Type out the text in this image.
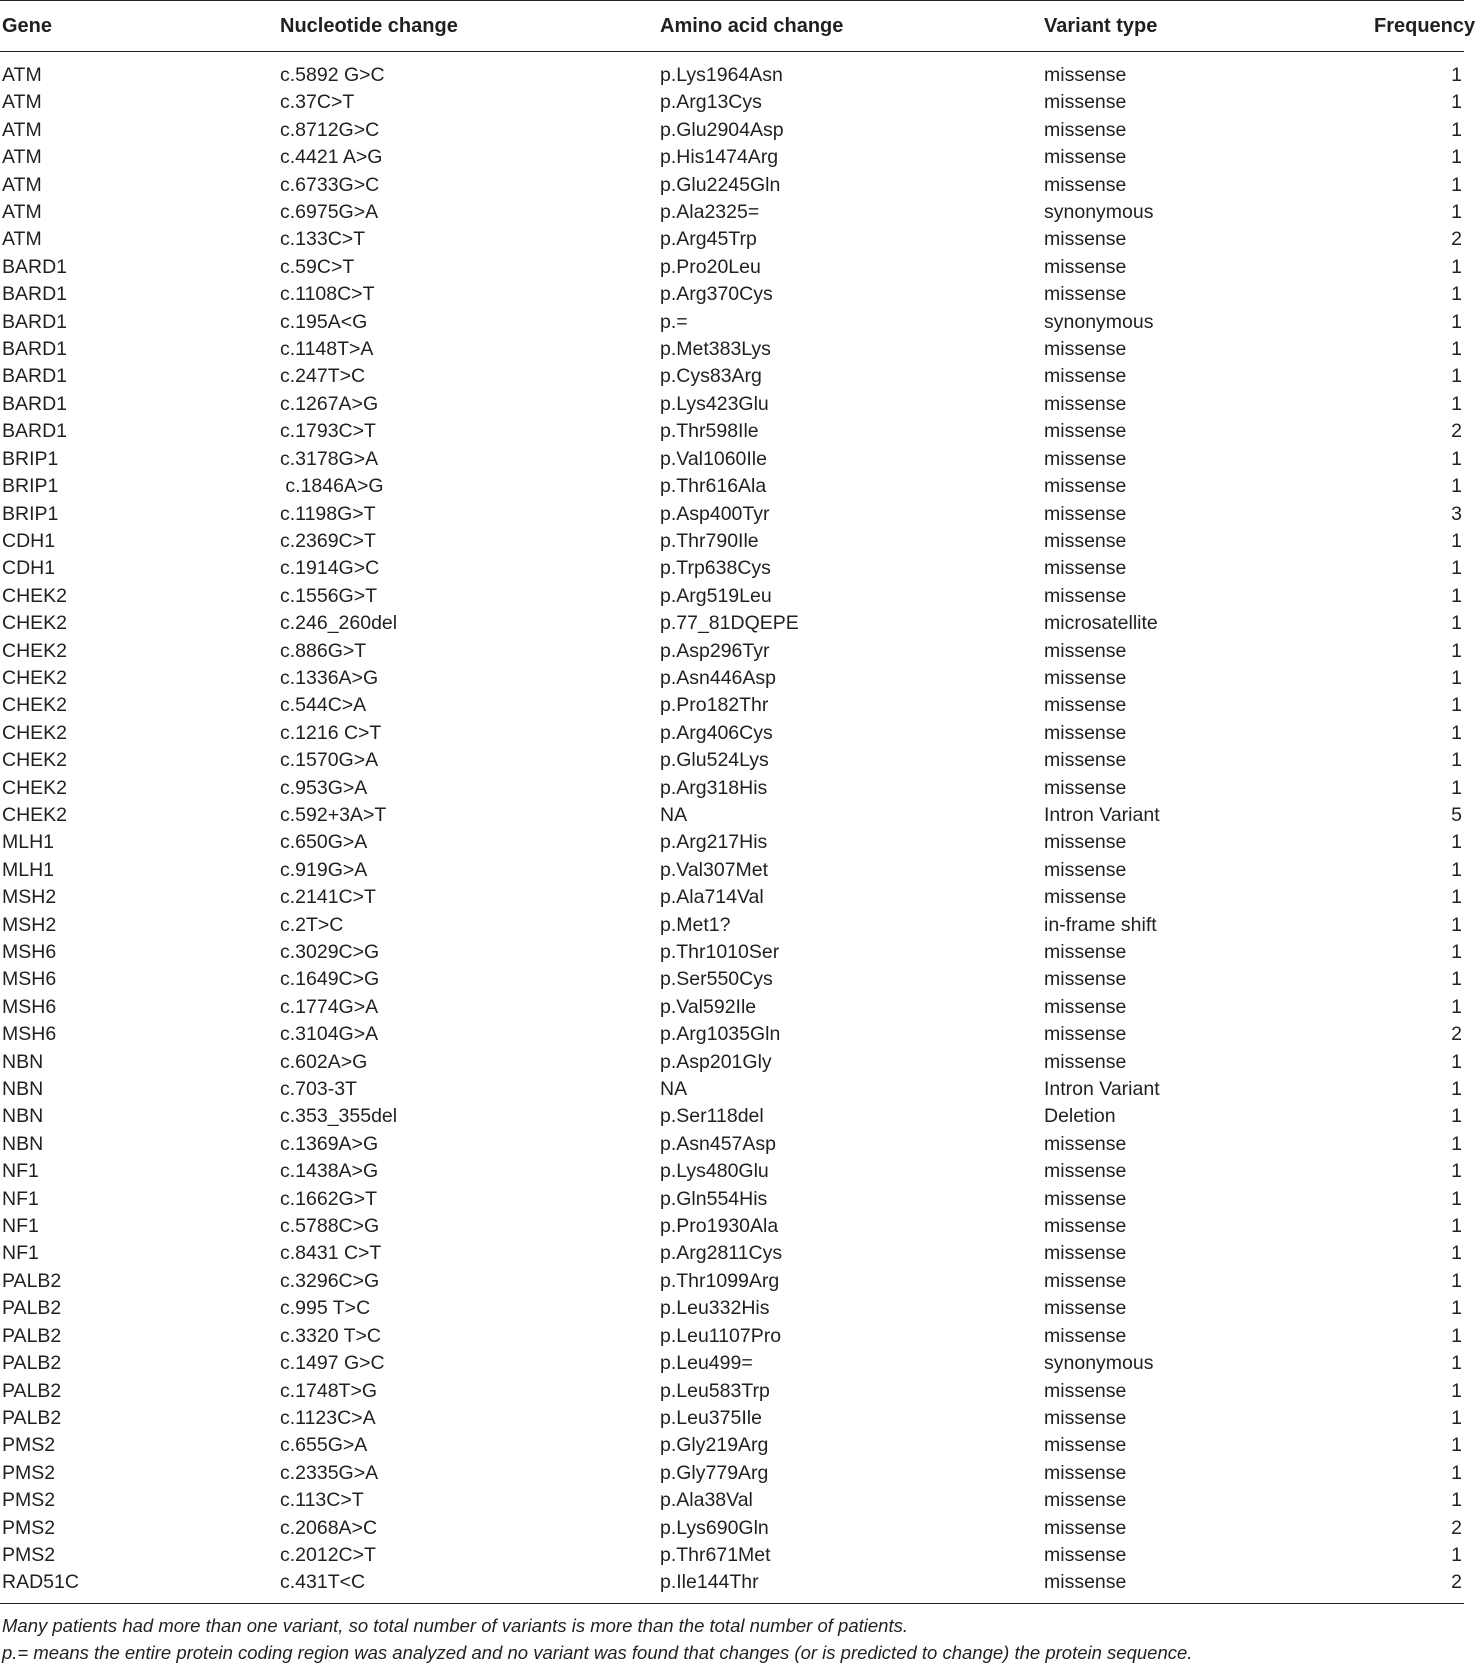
Gene	Nucleotide change	Amino acid change	Variant type	Frequency
ATM	c.5892 G>C	p.Lys1964Asn	missense	1
ATM	c.37C>T	p.Arg13Cys	missense	1
ATM	c.8712G>C	p.Glu2904Asp	missense	1
ATM	c.4421 A>G	p.His1474Arg	missense	1
ATM	c.6733G>C	p.Glu2245Gln	missense	1
ATM	c.6975G>A	p.Ala2325=	synonymous	1
ATM	c.133C>T	p.Arg45Trp	missense	2
BARD1	c.59C>T	p.Pro20Leu	missense	1
BARD1	c.1108C>T	p.Arg370Cys	missense	1
BARD1	c.195A<G	p.=	synonymous	1
BARD1	c.1148T>A	p.Met383Lys	missense	1
BARD1	c.247T>C	p.Cys83Arg	missense	1
BARD1	c.1267A>G	p.Lys423Glu	missense	1
BARD1	c.1793C>T	p.Thr598Ile	missense	2
BRIP1	c.3178G>A	p.Val1060Ile	missense	1
BRIP1	c.1846A>G	p.Thr616Ala	missense	1
BRIP1	c.1198G>T	p.Asp400Tyr	missense	3
CDH1	c.2369C>T	p.Thr790Ile	missense	1
CDH1	c.1914G>C	p.Trp638Cys	missense	1
CHEK2	c.1556G>T	p.Arg519Leu	missense	1
CHEK2	c.246_260del	p.77_81DQEPE	microsatellite	1
CHEK2	c.886G>T	p.Asp296Tyr	missense	1
CHEK2	c.1336A>G	p.Asn446Asp	missense	1
CHEK2	c.544C>A	p.Pro182Thr	missense	1
CHEK2	c.1216 C>T	p.Arg406Cys	missense	1
CHEK2	c.1570G>A	p.Glu524Lys	missense	1
CHEK2	c.953G>A	p.Arg318His	missense	1
CHEK2	c.592+3A>T	NA	Intron Variant	5
MLH1	c.650G>A	p.Arg217His	missense	1
MLH1	c.919G>A	p.Val307Met	missense	1
MSH2	c.2141C>T	p.Ala714Val	missense	1
MSH2	c.2T>C	p.Met1?	in-frame shift	1
MSH6	c.3029C>G	p.Thr1010Ser	missense	1
MSH6	c.1649C>G	p.Ser550Cys	missense	1
MSH6	c.1774G>A	p.Val592Ile	missense	1
MSH6	c.3104G>A	p.Arg1035Gln	missense	2
NBN	c.602A>G	p.Asp201Gly	missense	1
NBN	c.703-3T	NA	Intron Variant	1
NBN	c.353_355del	p.Ser118del	Deletion	1
NBN	c.1369A>G	p.Asn457Asp	missense	1
NF1	c.1438A>G	p.Lys480Glu	missense	1
NF1	c.1662G>T	p.Gln554His	missense	1
NF1	c.5788C>G	p.Pro1930Ala	missense	1
NF1	c.8431 C>T	p.Arg2811Cys	missense	1
PALB2	c.3296C>G	p.Thr1099Arg	missense	1
PALB2	c.995 T>C	p.Leu332His	missense	1
PALB2	c.3320 T>C	p.Leu1107Pro	missense	1
PALB2	c.1497 G>C	p.Leu499=	synonymous	1
PALB2	c.1748T>G	p.Leu583Trp	missense	1
PALB2	c.1123C>A	p.Leu375Ile	missense	1
PMS2	c.655G>A	p.Gly219Arg	missense	1
PMS2	c.2335G>A	p.Gly779Arg	missense	1
PMS2	c.113C>T	p.Ala38Val	missense	1
PMS2	c.2068A>C	p.Lys690Gln	missense	2
PMS2	c.2012C>T	p.Thr671Met	missense	1
RAD51C	c.431T<C	p.Ile144Thr	missense	2
Many patients had more than one variant, so total number of variants is more than the total number of patients.
p.= means the entire protein coding region was analyzed and no variant was found that changes (or is predicted to change) the protein sequence.
